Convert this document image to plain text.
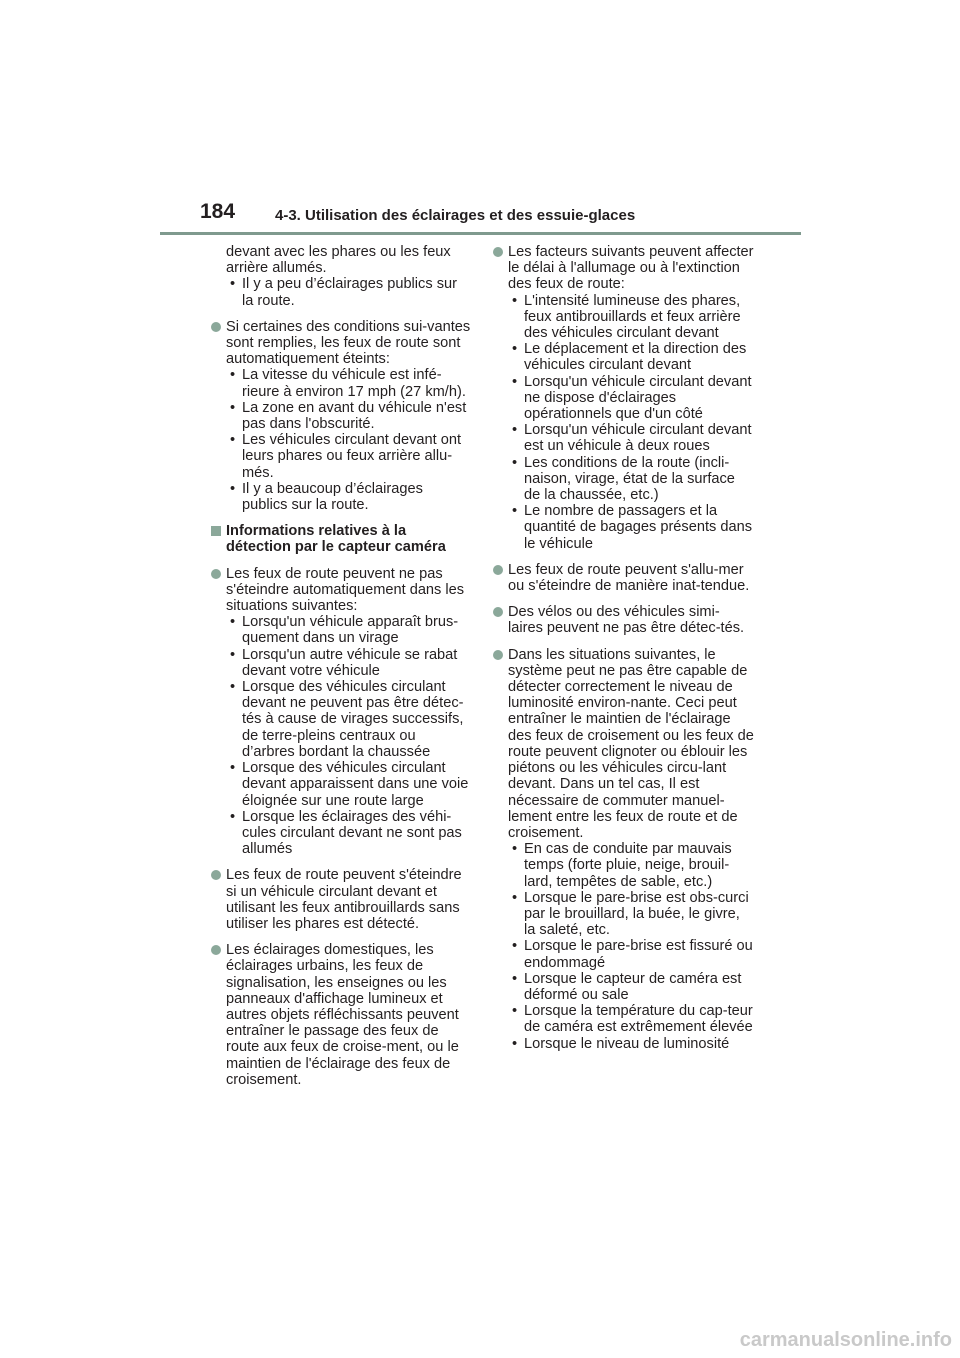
184	4-3. Utilisation des éclairages et des essuie-glaces
devant avec les phares ou les feux arrière allumés.
• Il y a peu d’éclairages publics sur la route.
Si certaines des conditions sui-vantes sont remplies, les feux de route sont automatiquement éteints:
• La vitesse du véhicule est infé-rieure à environ 17 mph (27 km/h).
• La zone en avant du véhicule n'est pas dans l'obscurité.
• Les véhicules circulant devant ont leurs phares ou feux arrière allu-més.
• Il y a beaucoup d’éclairages publics sur la route.
Informations relatives à la détection par le capteur caméra
Les feux de route peuvent ne pas s'éteindre automatiquement dans les situations suivantes:
• Lorsqu'un véhicule apparaît brus-quement dans un virage
• Lorsqu'un autre véhicule se rabat devant votre véhicule
• Lorsque des véhicules circulant devant ne peuvent pas être détec-tés à cause de virages successifs, de terre-pleins centraux ou d’arbres bordant la chaussée
• Lorsque des véhicules circulant devant apparaissent dans une voie éloignée sur une route large
• Lorsque les éclairages des véhi-cules circulant devant ne sont pas allumés
Les feux de route peuvent s'éteindre si un véhicule circulant devant et utilisant les feux antibrouillards sans utiliser les phares est détecté.
Les éclairages domestiques, les éclairages urbains, les feux de signalisation, les enseignes ou les panneaux d'affichage lumineux et autres objets réfléchissants peuvent entraîner le passage des feux de route aux feux de croise-ment, ou le maintien de l'éclairage des feux de croisement.
Les facteurs suivants peuvent affecter le délai à l'allumage ou à l'extinction des feux de route:
• L'intensité lumineuse des phares, feux antibrouillards et feux arrière des véhicules circulant devant
• Le déplacement et la direction des véhicules circulant devant
• Lorsqu'un véhicule circulant devant ne dispose d'éclairages opérationnels que d'un côté
• Lorsqu'un véhicule circulant devant est un véhicule à deux roues
• Les conditions de la route (incli-naison, virage, état de la surface de la chaussée, etc.)
• Le nombre de passagers et la quantité de bagages présents dans le véhicule
Les feux de route peuvent s'allu-mer ou s'éteindre de manière inat-tendue.
Des vélos ou des véhicules simi-laires peuvent ne pas être détec-tés.
Dans les situations suivantes, le système peut ne pas être capable de détecter correctement le niveau de luminosité environ-nante. Ceci peut entraîner le maintien de l'éclairage des feux de croisement ou les feux de route peuvent clignoter ou éblouir les piétons ou les véhicules circu-lant devant. Dans un tel cas, Il est nécessaire de commuter manuel-lement entre les feux de route et de croisement.
• En cas de conduite par mauvais temps (forte pluie, neige, brouil-lard, tempêtes de sable, etc.)
• Lorsque le pare-brise est obs-curci par le brouillard, la buée, le givre, la saleté, etc.
• Lorsque le pare-brise est fissuré ou endommagé
• Lorsque le capteur de caméra est déformé ou sale
• Lorsque la température du cap-teur de caméra est extrêmement élevée
• Lorsque le niveau de luminosité
carmanualsonline.info
